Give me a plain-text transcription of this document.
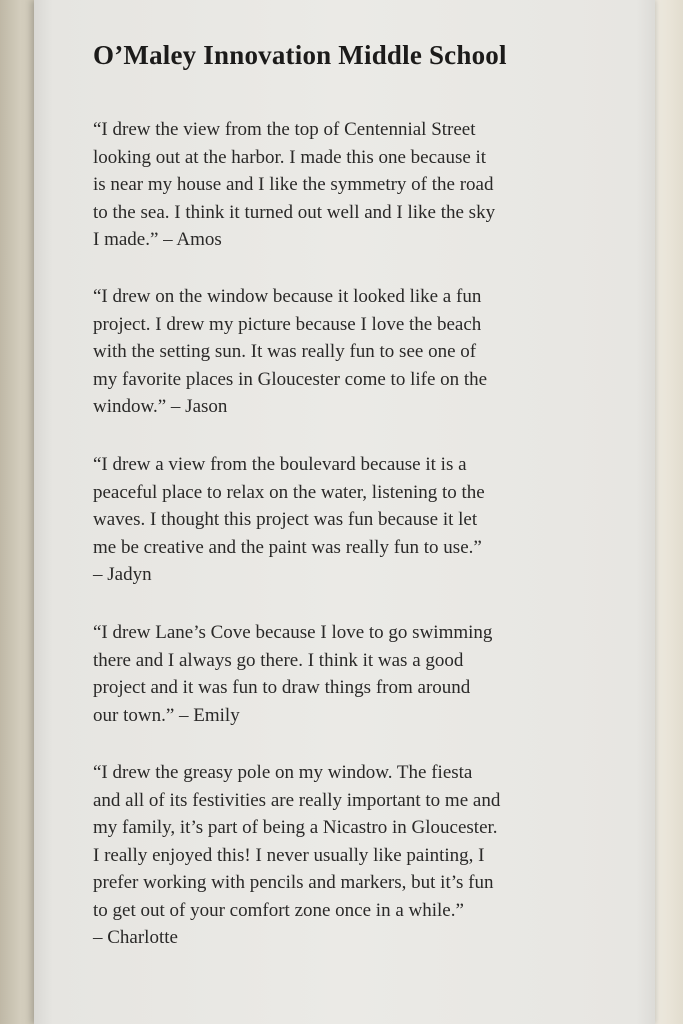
O’Maley Innovation Middle School

“I drew the view from the top of Centennial Street
looking out at the harbor. I made this one because it
is near my house and I like the symmetry of the road
to the sea. I think it turned out well and I like the sky
I made.” – Amos

“I drew on the window because it looked like a fun
project. I drew my picture because I love the beach
with the setting sun. It was really fun to see one of
my favorite places in Gloucester come to life on the
window.” – Jason

“I drew a view from the boulevard because it is a
peaceful place to relax on the water, listening to the
waves. I thought this project was fun because it let
me be creative and the paint was really fun to use.”
– Jadyn

“I drew Lane’s Cove because I love to go swimming
there and I always go there. I think it was a good
project and it was fun to draw things from around
our town.” – Emily

“I drew the greasy pole on my window. The fiesta
and all of its festivities are really important to me and
my family, it’s part of being a Nicastro in Gloucester.
I really enjoyed this! I never usually like painting, I
prefer working with pencils and markers, but it’s fun
to get out of your comfort zone once in a while.”
– Charlotte
